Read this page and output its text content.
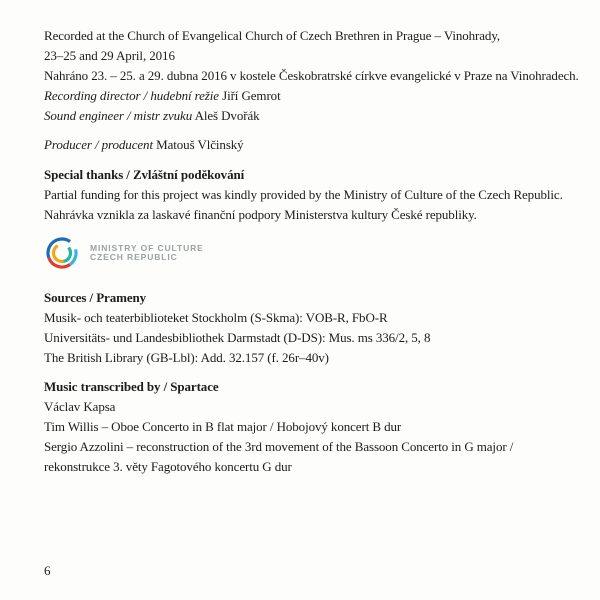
Recorded at the Church of Evangelical Church of Czech Brethren in Prague – Vinohrady,

23–25 and 29 April, 2016

Nahráno 23. – 25. a 29. dubna 2016 v kostele Českobratrské církve evangelické v Praze na Vinohradech.

Recording director / hudební režie Jiří Gemrot

Sound engineer / mistr zvuku Aleš Dvořák

Producer / producent Matouš Vlčinský

Special thanks / Zvláštní poděkování

Partial funding for this project was kindly provided by the Ministry of Culture of the Czech Republic.

Nahrávka vznikla za laskavé finanční podpory Ministerstva kultury České republiky.

MINISTRY OF CULTURE
CZECH REPUBLIC

Sources / Prameny

Musik- och teaterbiblioteket Stockholm (S-Skma): VOB-R, FbO-R

Universitäts- und Landesbibliothek Darmstadt (D-DS): Mus. ms 336/2, 5, 8

The British Library (GB-Lbl): Add. 32.157 (f. 26r–40v)

Music transcribed by / Spartace

Václav Kapsa

Tim Willis – Oboe Concerto in B flat major / Hobojový koncert B dur

Sergio Azzolini – reconstruction of the 3rd movement of the Bassoon Concerto in G major /

rekonstrukce 3. věty Fagotového koncertu G dur

6
